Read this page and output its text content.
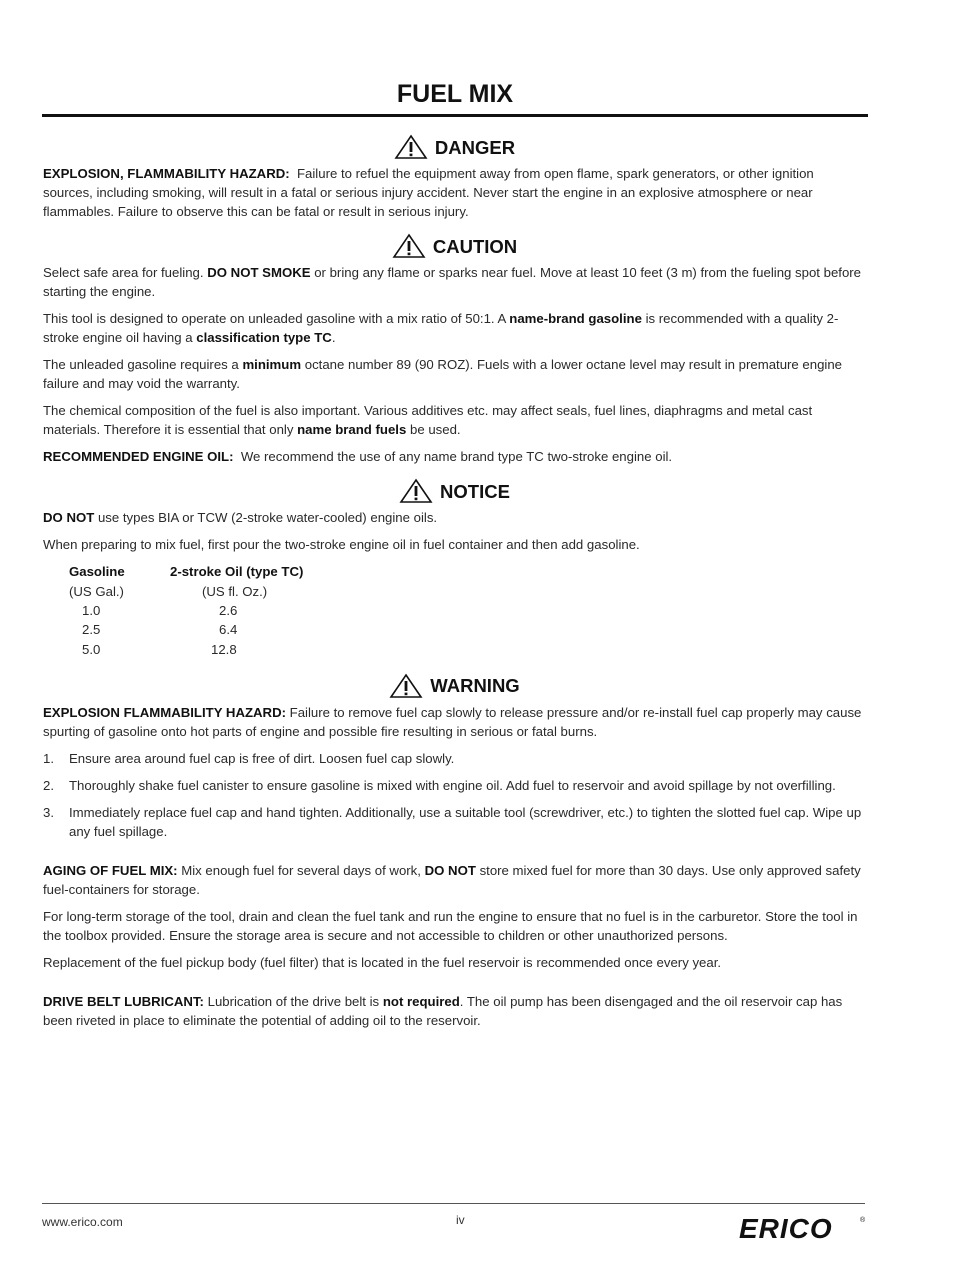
FUEL MIX
DANGER

EXPLOSION, FLAMMABILITY HAZARD: Failure to refuel the equipment away from open flame, spark generators, or other ignition sources, including smoking, will result in a fatal or serious injury accident. Never start the engine in an explosive atmosphere or near flammables. Failure to observe this can be fatal or result in serious injury.

CAUTION

Select safe area for fueling. DO NOT SMOKE or bring any flame or sparks near fuel. Move at least 10 feet (3 m) from the fueling spot before starting the engine.

This tool is designed to operate on unleaded gasoline with a mix ratio of 50:1. A name-brand gasoline is recommended with a quality 2-stroke engine oil having a classification type TC.

The unleaded gasoline requires a minimum octane number 89 (90 ROZ). Fuels with a lower octane level may result in premature engine failure and may void the warranty.

The chemical composition of the fuel is also important. Various additives etc. may affect seals, fuel lines, diaphragms and metal cast materials. Therefore it is essential that only name brand fuels be used.

RECOMMENDED ENGINE OIL: We recommend the use of any name brand type TC two-stroke engine oil.

NOTICE

DO NOT use types BIA or TCW (2-stroke water-cooled) engine oils.

When preparing to mix fuel, first pour the two-stroke engine oil in fuel container and then add gasoline.

Gasoline	2-stroke Oil (type TC)
(US Gal.)	(US fl. Oz.)
1.0	2.6
2.5	6.4
5.0	12.8
WARNING

EXPLOSION FLAMMABILITY HAZARD: Failure to remove fuel cap slowly to release pressure and/or re-install fuel cap properly may cause spurting of gasoline onto hot parts of engine and possible fire resulting in serious or fatal burns.

1. Ensure area around fuel cap is free of dirt. Loosen fuel cap slowly.
2. Thoroughly shake fuel canister to ensure gasoline is mixed with engine oil. Add fuel to reservoir and avoid spillage by not overfilling.
3. Immediately replace fuel cap and hand tighten. Additionally, use a suitable tool (screwdriver, etc.) to tighten the slotted fuel cap. Wipe up any fuel spillage.

AGING OF FUEL MIX: Mix enough fuel for several days of work, DO NOT store mixed fuel for more than 30 days. Use only approved safety fuel-containers for storage.

For long-term storage of the tool, drain and clean the fuel tank and run the engine to ensure that no fuel is in the carburetor. Store the tool in the toolbox provided. Ensure the storage area is secure and not accessible to children or other unauthorized persons.

Replacement of the fuel pickup body (fuel filter) that is located in the fuel reservoir is recommended once every year.

DRIVE BELT LUBRICANT: Lubrication of the drive belt is not required. The oil pump has been disengaged and the oil reservoir cap has been riveted in place to eliminate the potential of adding oil to the reservoir.

www.erico.com	iv	ERICO	®
